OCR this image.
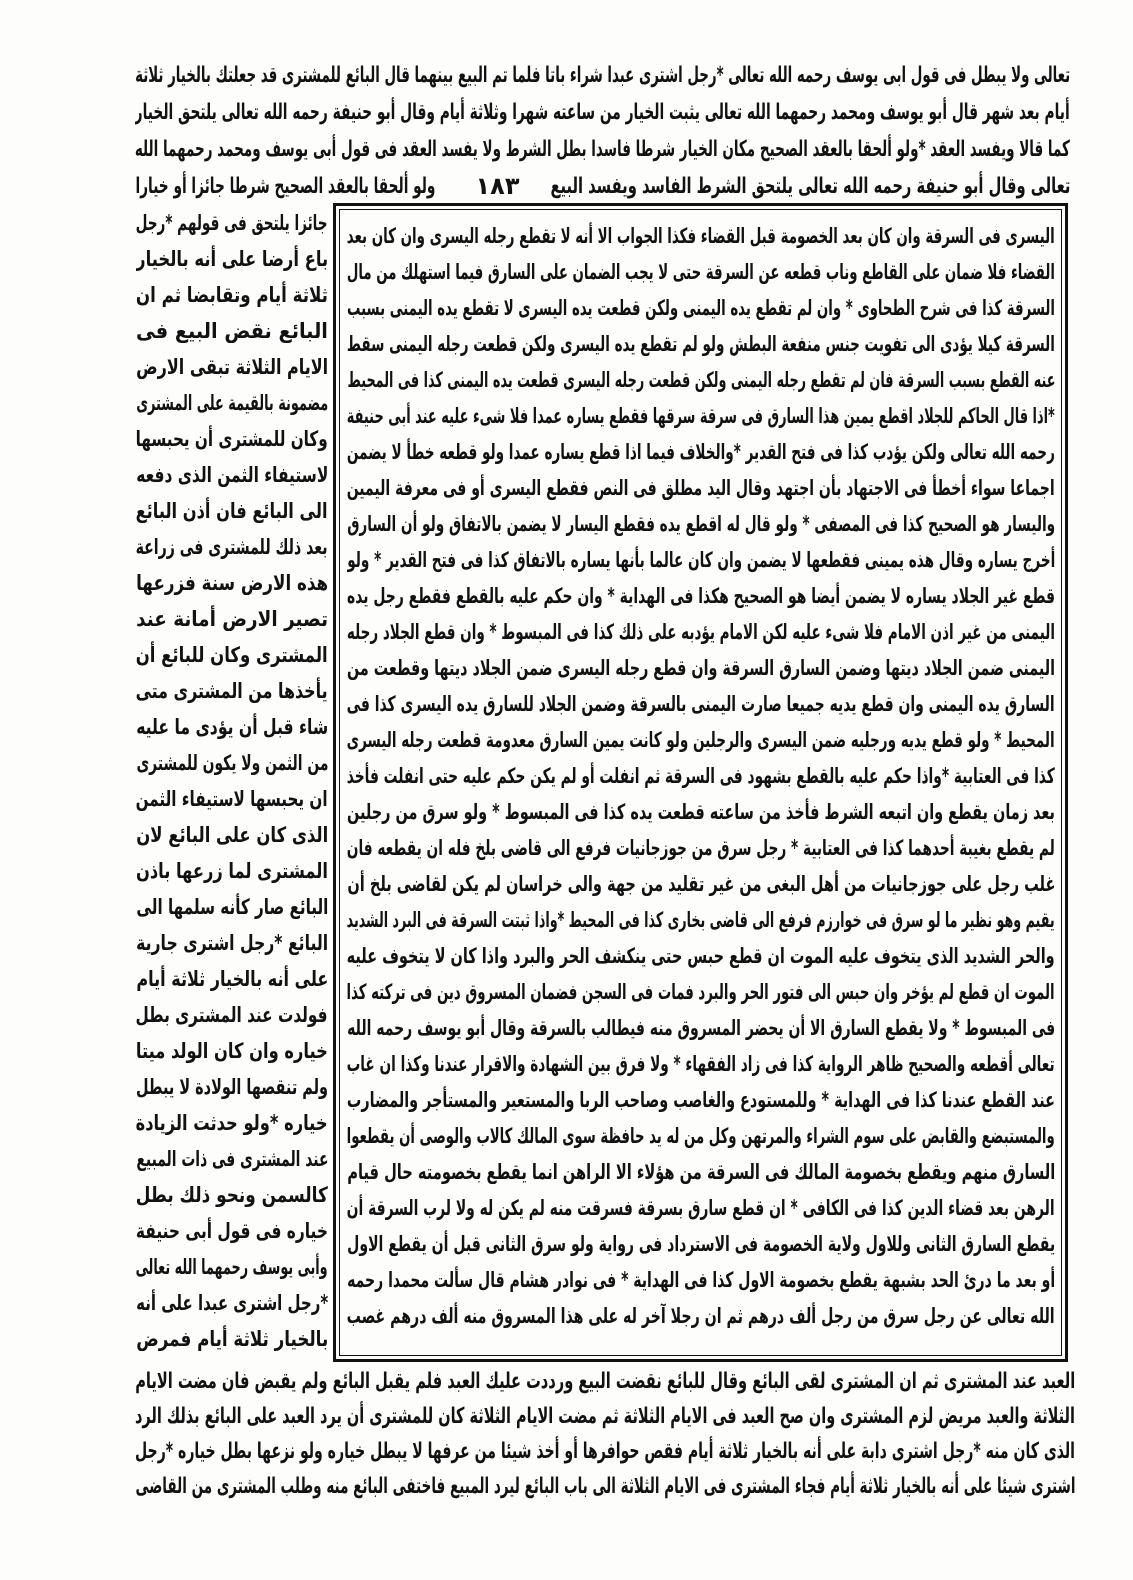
تعالى ولا يبطل فى قول ابى يوسف رحمه الله تعالى *رجل اشترى عبدا شراء باتا فلما تم البيع بينهما قال البائع للمشترى قد جعلتك بالخيار ثلاثة
أيام بعد شهر قال أبو يوسف ومحمد رحمهما الله تعالى يثبت الخيار من ساعته شهرا وثلاثة أيام وقال أبو حنيفة رحمه الله تعالى يلتحق الخيار
كما قالا ويفسد العقد *ولو ألحقا بالعقد الصحيح مكان الخيار شرطا فاسدا بطل الشرط ولا يفسد العقد فى قول أبى يوسف ومحمد رحمهما الله
تعالى وقال أبو حنيفة رحمه الله تعالى يلتحق الشرط الفاسد ويفسد البيع
١٨٣
ولو ألحقا بالعقد الصحيح شرطا جائزا أو خيارا
اليسرى فى السرقة وان كان بعد الخصومة قبل القضاء فكذا الجواب الا أنه لا تقطع رجله اليسرى وان كان بعد
القضاء فلا ضمان على القاطع وناب قطعه عن السرقة حتى لا يجب الضمان على السارق فيما استهلك من مال
السرقة كذا فى شرح الطحاوى * وان لم تقطع يده اليمنى ولكن قطعت يده اليسرى لا تقطع يده اليمنى بسبب
السرقة كيلا يؤدى الى تفويت جنس منفعة البطش ولو لم تقطع يده اليسرى ولكن قطعت رجله اليمنى سقط
عنه القطع بسبب السرقة فان لم تقطع رجله اليمنى ولكن قطعت رجله اليسرى قطعت يده اليمنى كذا فى المحيط
*اذا قال الحاكم للجلاد اقطع يمين هذا السارق فى سرقة سرقها فقطع يساره عمدا فلا شىء عليه عند أبى حنيفة
رحمه الله تعالى ولكن يؤدب كذا فى فتح القدير *والخلاف فيما اذا قطع يساره عمدا ولو قطعه خطأ لا يضمن
اجماعا سواء أخطأ فى الاجتهاد بأن اجتهد وقال اليد مطلق فى النص فقطع اليسرى أو فى معرفة اليمين
واليسار هو الصحيح كذا فى المصفى * ولو قال له اقطع يده فقطع اليسار لا يضمن بالاتفاق ولو أن السارق
أخرج يساره وقال هذه يمينى فقطعها لا يضمن وان كان عالما بأنها يساره بالاتفاق كذا فى فتح القدير * ولو
قطع غير الجلاد يساره لا يضمن أيضا هو الصحيح هكذا فى الهداية * وان حكم عليه بالقطع فقطع رجل يده
اليمنى من غير اذن الامام فلا شىء عليه لكن الامام يؤدبه على ذلك كذا فى المبسوط * وان قطع الجلاد رجله
اليمنى ضمن الجلاد ديتها وضمن السارق السرقة وان قطع رجله اليسرى ضمن الجلاد ديتها وقطعت من
السارق يده اليمنى وان قطع يديه جميعا صارت اليمنى بالسرقة وضمن الجلاد للسارق يده اليسرى كذا فى
المحيط * ولو قطع يديه ورجليه ضمن اليسرى والرجلين ولو كانت يمين السارق معدومة قطعت رجله اليسرى
كذا فى العتابية *واذا حكم عليه بالقطع بشهود فى السرقة ثم انفلت أو لم يكن حكم عليه حتى انفلت فأخذ
بعد زمان يقطع وان اتبعه الشرط فأخذ من ساعته قطعت يده كذا فى المبسوط * ولو سرق من رجلين
لم يقطع بغيبة أحدهما كذا فى العتابية * رجل سرق من جوزجانيات فرفع الى قاضى بلخ فله ان يقطعه فان
غلب رجل على جوزجانيات من أهل البغى من غير تقليد من جهة والى خراسان لم يكن لقاضى بلخ أن
يقيم وهو نظير ما لو سرق فى خوارزم فرفع الى قاضى بخارى كذا فى المحيط *واذا ثبتت السرقة فى البرد الشديد
والحر الشديد الذى يتخوف عليه الموت ان قطع حبس حتى ينكشف الحر والبرد واذا كان لا يتخوف عليه
الموت ان قطع لم يؤخر وان حبس الى فتور الحر والبرد فمات فى السجن فضمان المسروق دين فى تركته كذا
فى المبسوط * ولا يقطع السارق الا أن يحضر المسروق منه فيطالب بالسرقة وقال أبو يوسف رحمه الله
تعالى أقطعه والصحيح ظاهر الرواية كذا فى زاد الفقهاء * ولا فرق بين الشهادة والاقرار عندنا وكذا ان غاب
عند القطع عندنا كذا فى الهداية * وللمستودع والغاصب وصاحب الربا والمستعير والمستأجر والمضارب
والمستبضع والقابض على سوم الشراء والمرتهن وكل من له يد حافظة سوى المالك كالاب والوصى أن يقطعوا
السارق منهم ويقطع بخصومة المالك فى السرقة من هؤلاء الا الراهن انما يقطع بخصومته حال قيام
الرهن بعد قضاء الدين كذا فى الكافى * ان قطع سارق بسرقة فسرقت منه لم يكن له ولا لرب السرقة أن
يقطع السارق الثانى وللاول ولاية الخصومة فى الاسترداد فى رواية ولو سرق الثانى قبل أن يقطع الاول
أو بعد ما درئ الحد بشبهة يقطع بخصومة الاول كذا فى الهداية * فى نوادر هشام قال سألت محمدا رحمه
الله تعالى عن رجل سرق من رجل ألف درهم ثم ان رجلا آخر له على هذا المسروق منه ألف درهم غصب
جائزا يلتحق فى قولهم *رجل
باع أرضا على أنه بالخيار
ثلاثة أيام وتقابضا ثم ان
البائع نقض البيع فى
الايام الثلاثة تبقى الارض
مضمونة بالقيمة على المشترى
وكان للمشترى أن يحبسها
لاستيفاء الثمن الذى دفعه
الى البائع فان أذن البائع
بعد ذلك للمشترى فى زراعة
هذه الارض سنة فزرعها
تصير الارض أمانة عند
المشترى وكان للبائع أن
يأخذها من المشترى متى
شاء قبل أن يؤدى ما عليه
من الثمن ولا يكون للمشترى
ان يحبسها لاستيفاء الثمن
الذى كان على البائع لان
المشترى لما زرعها باذن
البائع صار كأنه سلمها الى
البائع *رجل اشترى جارية
على أنه بالخيار ثلاثة أيام
فولدت عند المشترى بطل
خياره وان كان الولد ميتا
ولم تنقصها الولادة لا يبطل
خياره *ولو حدثت الزيادة
عند المشترى فى ذات المبيع
كالسمن ونحو ذلك بطل
خياره فى قول أبى حنيفة
وأبى يوسف رحمهما الله تعالى
*رجل اشترى عبدا على أنه
بالخيار ثلاثة أيام فمرض
العبد عند المشترى ثم ان المشترى لقى البائع وقال للبائع نقضت البيع ورددت عليك العبد فلم يقبل البائع ولم يقبض فان مضت الايام
الثلاثة والعبد مريض لزم المشترى وان صح العبد فى الايام الثلاثة ثم مضت الايام الثلاثة كان للمشترى أن يرد العبد على البائع بذلك الرد
الذى كان منه *رجل اشترى دابة على أنه بالخيار ثلاثة أيام فقص حوافرها أو أخذ شيئا من عرفها لا يبطل خياره ولو نزعها بطل خياره *رجل
اشترى شيئا على أنه بالخيار ثلاثة أيام فجاء المشترى فى الايام الثلاثة الى باب البائع ليرد المبيع فاختفى البائع منه وطلب المشترى من القاضى
